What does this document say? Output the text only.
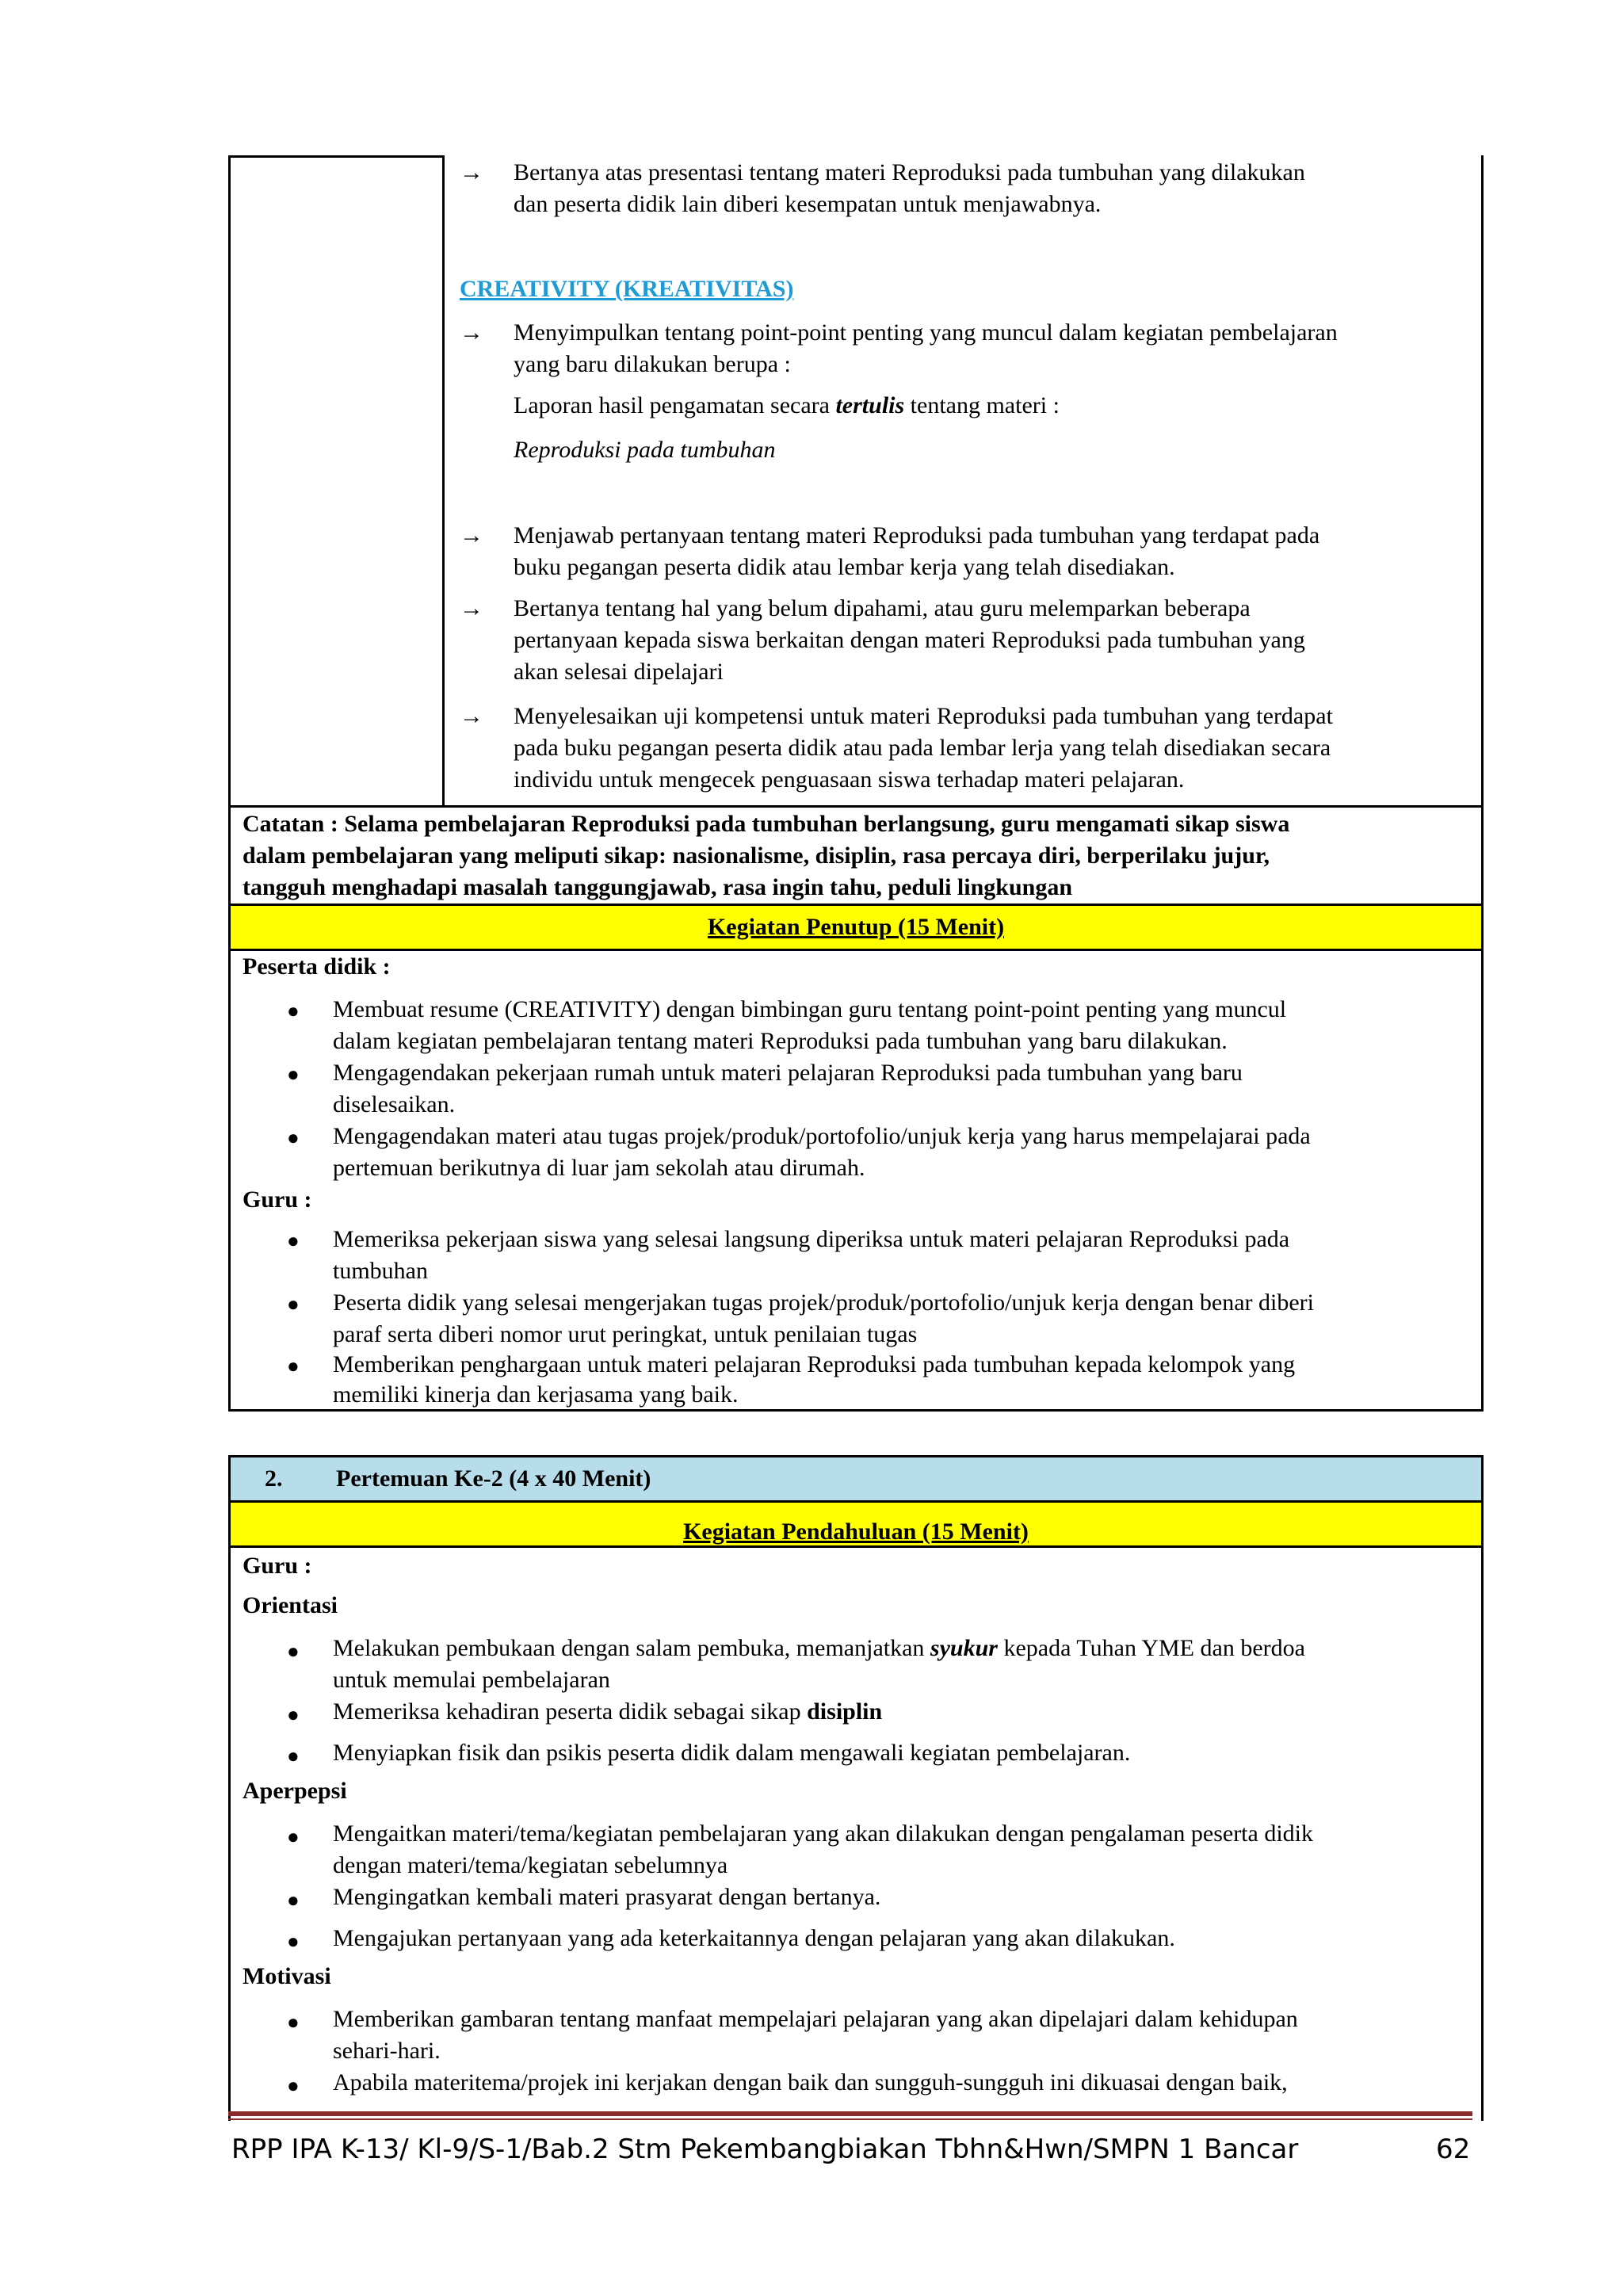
→ Bertanya atas presentasi tentang materi Reproduksi pada tumbuhan yang dilakukan
dan peserta didik lain diberi kesempatan untuk menjawabnya.
CREATIVITY (KREATIVITAS)
→ Menyimpulkan tentang point-point penting yang muncul dalam kegiatan pembelajaran
yang baru dilakukan berupa :
Laporan hasil pengamatan secara tertulis tentang materi :
Reproduksi pada tumbuhan
→ Menjawab pertanyaan tentang materi Reproduksi pada tumbuhan yang terdapat pada
buku pegangan peserta didik atau lembar kerja yang telah disediakan.
→ Bertanya tentang hal yang belum dipahami, atau guru melemparkan beberapa
pertanyaan kepada siswa berkaitan dengan materi Reproduksi pada tumbuhan yang
akan selesai dipelajari
→ Menyelesaikan uji kompetensi untuk materi Reproduksi pada tumbuhan yang terdapat
pada buku pegangan peserta didik atau pada lembar lerja yang telah disediakan secara
individu untuk mengecek penguasaan siswa terhadap materi pelajaran.
Catatan : Selama pembelajaran Reproduksi pada tumbuhan berlangsung, guru mengamati sikap siswa
dalam pembelajaran yang meliputi sikap: nasionalisme, disiplin, rasa percaya diri, berperilaku jujur,
tangguh menghadapi masalah tanggungjawab, rasa ingin tahu, peduli lingkungan
Kegiatan Penutup (15 Menit)
Peserta didik :
● Membuat resume (CREATIVITY) dengan bimbingan guru tentang point-point penting yang muncul
dalam kegiatan pembelajaran tentang materi Reproduksi pada tumbuhan yang baru dilakukan.
● Mengagendakan pekerjaan rumah untuk materi pelajaran Reproduksi pada tumbuhan yang baru
diselesaikan.
● Mengagendakan materi atau tugas projek/produk/portofolio/unjuk kerja yang harus mempelajarai pada
pertemuan berikutnya di luar jam sekolah atau dirumah.
Guru :
● Memeriksa pekerjaan siswa yang selesai langsung diperiksa untuk materi pelajaran Reproduksi pada
tumbuhan
● Peserta didik yang selesai mengerjakan tugas projek/produk/portofolio/unjuk kerja dengan benar diberi
paraf serta diberi nomor urut peringkat, untuk penilaian tugas
● Memberikan penghargaan untuk materi pelajaran Reproduksi pada tumbuhan kepada kelompok yang
memiliki kinerja dan kerjasama yang baik.
2. Pertemuan Ke-2 (4 x 40 Menit)
Kegiatan Pendahuluan (15 Menit)
Guru :
Orientasi
● Melakukan pembukaan dengan salam pembuka, memanjatkan syukur kepada Tuhan YME dan berdoa
untuk memulai pembelajaran
● Memeriksa kehadiran peserta didik sebagai sikap disiplin
● Menyiapkan fisik dan psikis peserta didik dalam mengawali kegiatan pembelajaran.
Aperpepsi
● Mengaitkan materi/tema/kegiatan pembelajaran yang akan dilakukan dengan pengalaman peserta didik
dengan materi/tema/kegiatan sebelumnya
● Mengingatkan kembali materi prasyarat dengan bertanya.
● Mengajukan pertanyaan yang ada keterkaitannya dengan pelajaran yang akan dilakukan.
Motivasi
● Memberikan gambaran tentang manfaat mempelajari pelajaran yang akan dipelajari dalam kehidupan
sehari-hari.
● Apabila materitema/projek ini kerjakan dengan baik dan sungguh-sungguh ini dikuasai dengan baik,
RPP IPA K-13/ Kl-9/S-1/Bab.2 Stm Pekembangbiakan Tbhn&Hwn/SMPN 1 Bancar	62
